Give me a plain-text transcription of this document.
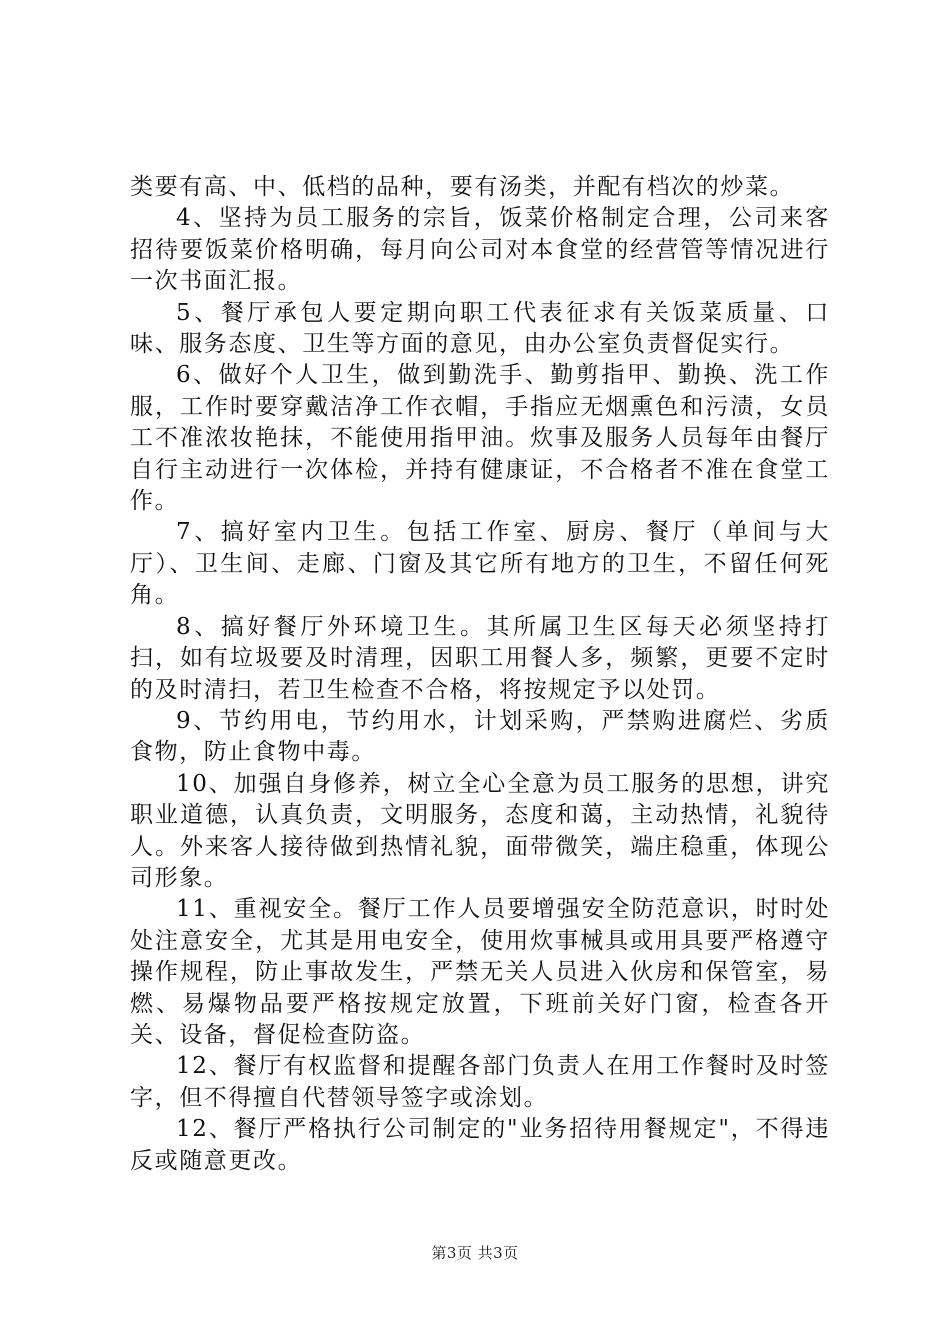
类要有高、中、低档的品种，要有汤类，并配有档次的炒菜。

4、坚持为员工服务的宗旨，饭菜价格制定合理，公司来客招待要饭菜价格明确，每月向公司对本食堂的经营管等情况进行一次书面汇报。

5、餐厅承包人要定期向职工代表征求有关饭菜质量、口味、服务态度、卫生等方面的意见，由办公室负责督促实行。

6、做好个人卫生，做到勤洗手、勤剪指甲、勤换、洗工作服，工作时要穿戴洁净工作衣帽，手指应无烟熏色和污渍，女员工不准浓妆艳抹，不能使用指甲油。炊事及服务人员每年由餐厅自行主动进行一次体检，并持有健康证，不合格者不准在食堂工作。

7、搞好室内卫生。包括工作室、厨房、餐厅（单间与大厅）、卫生间、走廊、门窗及其它所有地方的卫生，不留任何死角。

8、搞好餐厅外环境卫生。其所属卫生区每天必须坚持打扫，如有垃圾要及时清理，因职工用餐人多，频繁，更要不定时的及时清扫，若卫生检查不合格，将按规定予以处罚。

9、节约用电，节约用水，计划采购，严禁购进腐烂、劣质食物，防止食物中毒。

10、加强自身修养，树立全心全意为员工服务的思想，讲究职业道德，认真负责，文明服务，态度和蔼，主动热情，礼貌待人。外来客人接待做到热情礼貌，面带微笑，端庄稳重，体现公司形象。

11、重视安全。餐厅工作人员要增强安全防范意识，时时处处注意安全，尤其是用电安全，使用炊事械具或用具要严格遵守操作规程，防止事故发生，严禁无关人员进入伙房和保管室，易燃、易爆物品要严格按规定放置，下班前关好门窗，检查各开关、设备，督促检查防盗。

12、餐厅有权监督和提醒各部门负责人在用工作餐时及时签字，但不得擅自代替领导签字或涂划。

12、餐厅严格执行公司制定的"业务招待用餐规定"，不得违反或随意更改。

第3页 共3页
